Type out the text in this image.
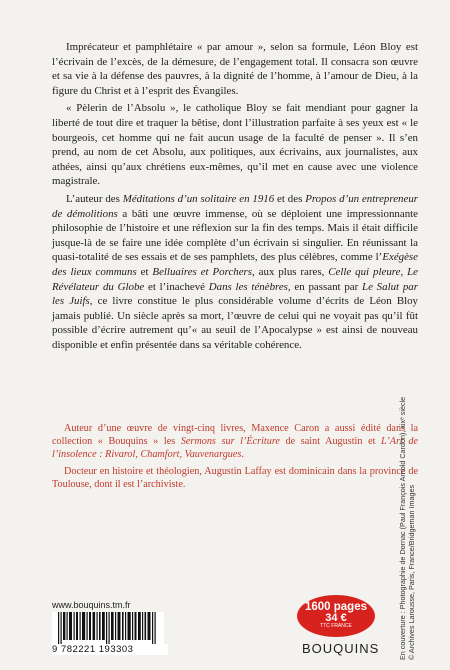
Imprécateur et pamphlétaire « par amour », selon sa formule, Léon Bloy est l’écrivain de l’excès, de la démesure, de l’engagement total. Il consacra son œuvre et sa vie à la défense des pauvres, à la dignité de l’homme, à l’amour de Dieu, à la figure du Christ et à l’esprit des Évangiles.

« Pèlerin de l’Absolu », le catholique Bloy se fait mendiant pour gagner la liberté de tout dire et traquer la bêtise, dont l’illustration parfaite à ses yeux est « le bourgeois, cet homme qui ne fait aucun usage de la faculté de penser ». Il s’en prend, au nom de cet Absolu, aux politiques, aux écrivains, aux journalistes, aux athées, ainsi qu’aux chrétiens eux-mêmes, qu’il met en cause avec une violence magistrale.

L’auteur des Méditations d’un solitaire en 1916 et des Propos d’un entrepreneur de démolitions a bâti une œuvre immense, où se déploient une impressionnante philosophie de l’histoire et une réflexion sur la fin des temps. Mais il était difficile jusque-là de se faire une idée complète d’un écrivain si singulier. En réunissant la quasi-totalité de ses essais et de ses pamphlets, des plus célèbres, comme l’Exégèse des lieux communs et Belluaires et Porchers, aux plus rares, Celle qui pleure, Le Révélateur du Globe et l’inachevé Dans les ténèbres, en passant par Le Salut par les Juifs, ce livre constitue le plus considérable volume d’écrits de Léon Bloy jamais publié. Un siècle après sa mort, l’œuvre de celui qui ne voyait pas qu’il fût possible d’écrire autrement qu’« au seuil de l’Apocalypse » est ainsi de nouveau disponible et enfin présentée dans sa véritable cohérence.

Auteur d’une œuvre de vingt-cinq livres, Maxence Caron a aussi édité dans la collection « Bouquins » les Sermons sur l’Écriture de saint Augustin et L’Art de l’insolence : Rivarol, Chamfort, Vauvenargues.

Docteur en histoire et théologien, Augustin Laffay est dominicain dans la province de Toulouse, dont il est l’archiviste.

www.bouquins.tm.fr
9 782221 193303
1600 pages
34 €
TTC FRANCE
BOUQUINS	En couverture : Photographie de Dornac (Paul François Arnold Cardon), xixᵉ siècle © Archives Larousse, Paris, France/Bridgeman Images
